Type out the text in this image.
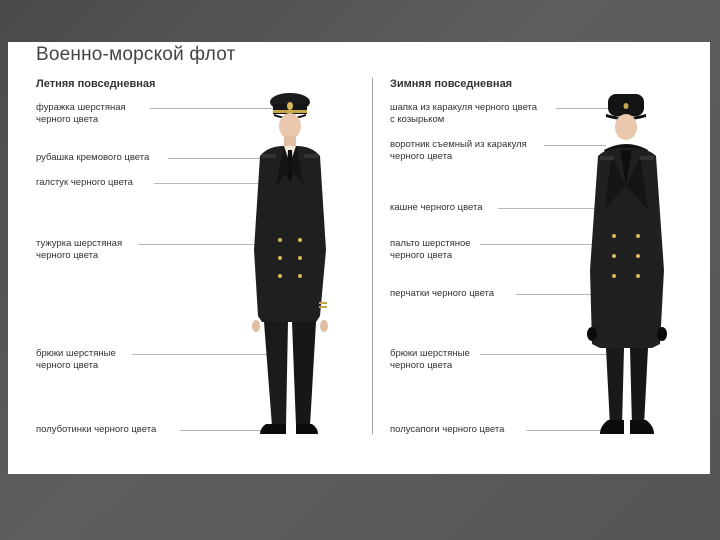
Военно-морской флот
Летняя повседневная
фуражка шерстяная
черного цвета
рубашка кремового цвета
галстук черного цвета
тужурка шерстяная
черного цвета
брюки шерстяные
черного цвета
полуботинки черного цвета
Зимняя повседневная
шапка из каракуля черного цвета
с козырьком
воротник съемный из каракуля
черного цвета
кашне черного цвета
пальто шерстяное
черного цвета
перчатки черного цвета
брюки шерстяные
черного цвета
полусапоги черного цвета
